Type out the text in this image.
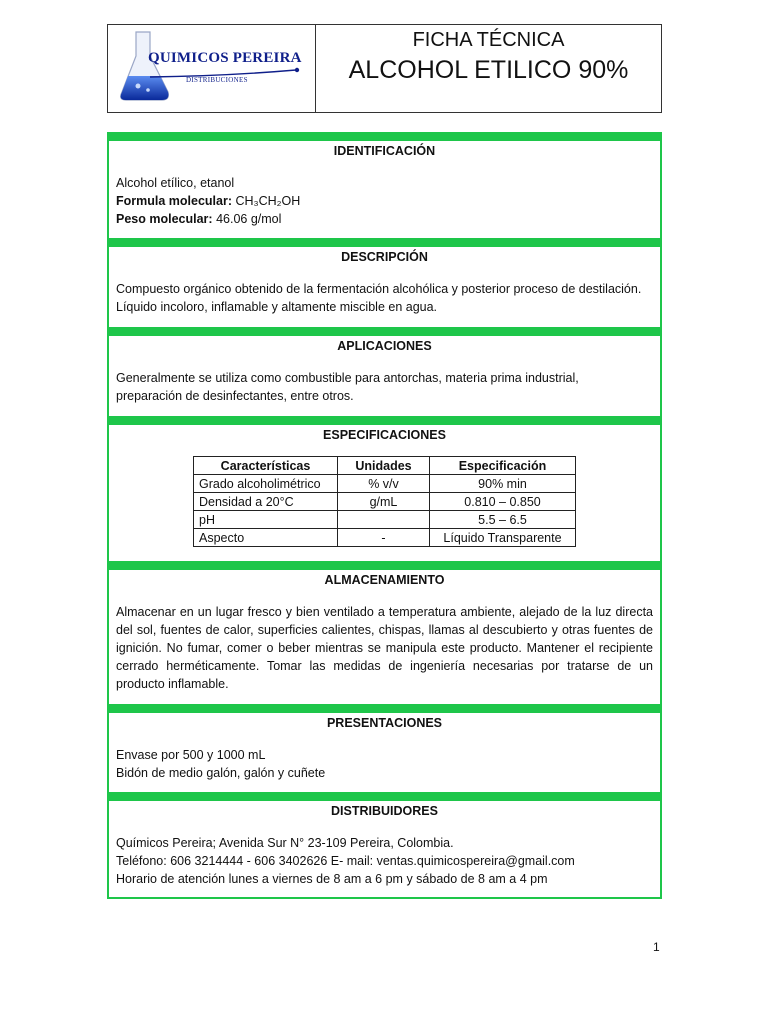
QUIMICOS PEREIRA
DISTRIBUCIONES
FICHA TÉCNICA
ALCOHOL ETILICO 90%
IDENTIFICACIÓN

Alcohol etílico, etanol

Formula molecular: CH₃CH₂OH

Peso molecular: 46.06 g/mol

DESCRIPCIÓN

Compuesto orgánico obtenido de la fermentación alcohólica y posterior proceso de destilación.

Líquido incoloro, inflamable y altamente miscible en agua.

APLICACIONES

Generalmente se utiliza como combustible para antorchas, materia prima industrial,

preparación de desinfectantes, entre otros.

ESPECIFICACIONES
Características	Unidades	Especificación
Grado alcoholimétrico	% v/v	90% min
Densidad a 20°C	g/mL	0.810 – 0.850
pH		5.5 – 6.5
Aspecto	-	Líquido Transparente
ALMACENAMIENTO

Almacenar en un lugar fresco y bien ventilado a temperatura ambiente, alejado de la luz directa del sol, fuentes de calor, superficies calientes, chispas, llamas al descubierto y otras fuentes de ignición. No fumar, comer o beber mientras se manipula este producto. Mantener el recipiente cerrado herméticamente. Tomar las medidas de ingeniería necesarias por tratarse de un producto inflamable.

PRESENTACIONES

Envase por 500 y 1000 mL

Bidón de medio galón, galón y cuñete

DISTRIBUIDORES

Químicos Pereira; Avenida Sur N° 23-109 Pereira, Colombia.

Teléfono: 606 3214444 - 606 3402626 E- mail: ventas.quimicospereira@gmail.com

Horario de atención lunes a viernes de 8 am a 6 pm y sábado de 8 am a 4 pm

1
